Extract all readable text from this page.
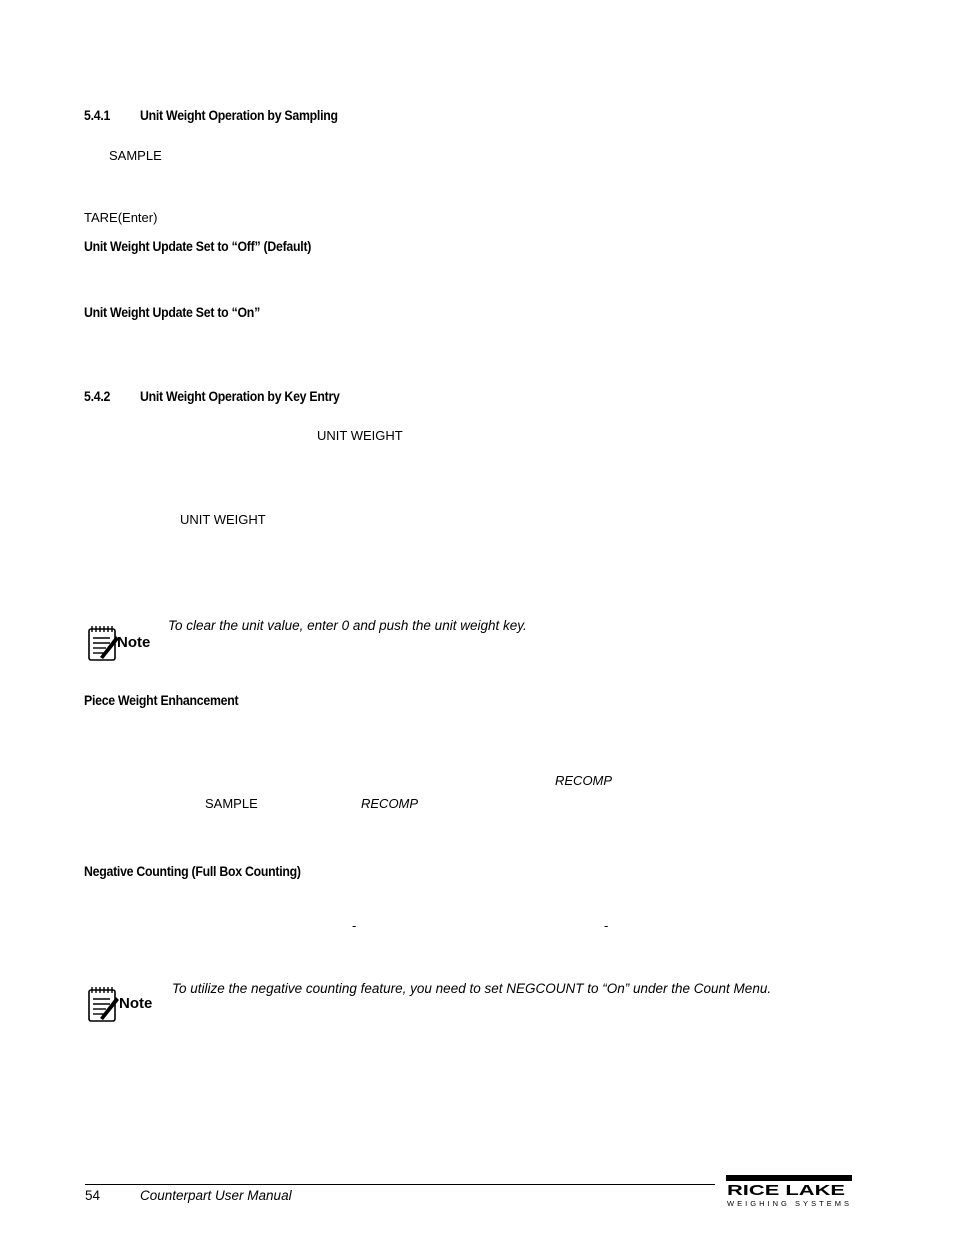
5.4.1 Unit Weight Operation by Sampling
SAMPLE
TARE(Enter)
Unit Weight Update Set to “Off” (Default)
Unit Weight Update Set to “On”
5.4.2 Unit Weight Operation by Key Entry
UNIT WEIGHT
UNIT WEIGHT
Note
To clear the unit value, enter 0 and push the unit weight key.
Piece Weight Enhancement
RECOMP
SAMPLE	RECOMP
Negative Counting (Full Box Counting)
-	-
Note
To utilize the negative counting feature, you need to set NEGCOUNT to “On” under the Count Menu.
54	Counterpart User Manual	RICE LAKE
WEIGHING SYSTEMS
